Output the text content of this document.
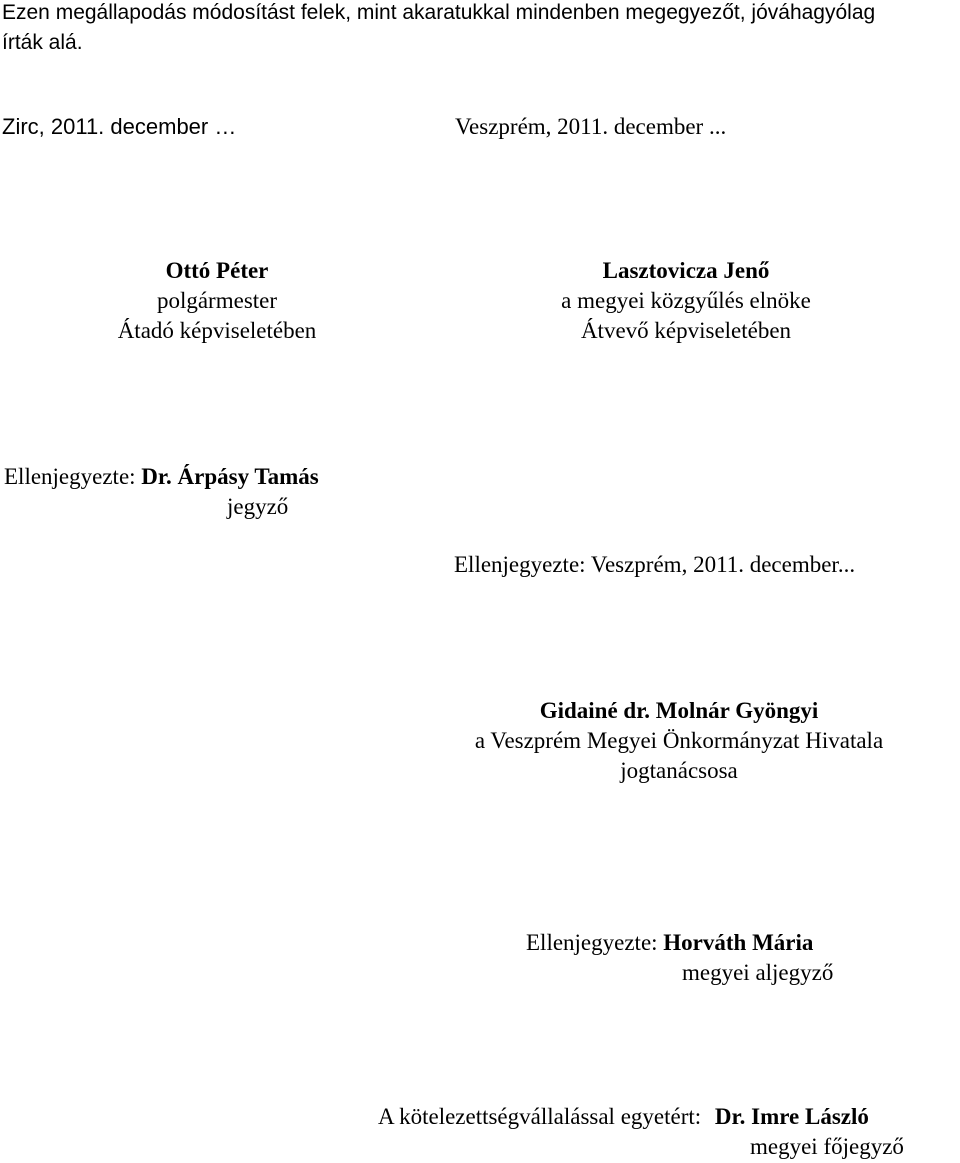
Ezen megállapodás módosítást felek, mint akaratukkal mindenben megegyezőt, jóváhagyólag
írták alá.
Zirc, 2011. december …	Veszprém, 2011. december ...
Ottó Péter
polgármester
Átadó képviseletében
Lasztovicza Jenő
a megyei közgyűlés elnöke
Átvevő képviseletében
Ellenjegyezte: Dr. Árpásy Tamás
jegyző
Ellenjegyezte: Veszprém, 2011. december...
Gidainé dr. Molnár Gyöngyi
a Veszprém Megyei Önkormányzat Hivatala
jogtanácsosa
Ellenjegyezte: Horváth Mária
megyei aljegyző
A kötelezettségvállalással egyetért: Dr. Imre László
megyei főjegyző
